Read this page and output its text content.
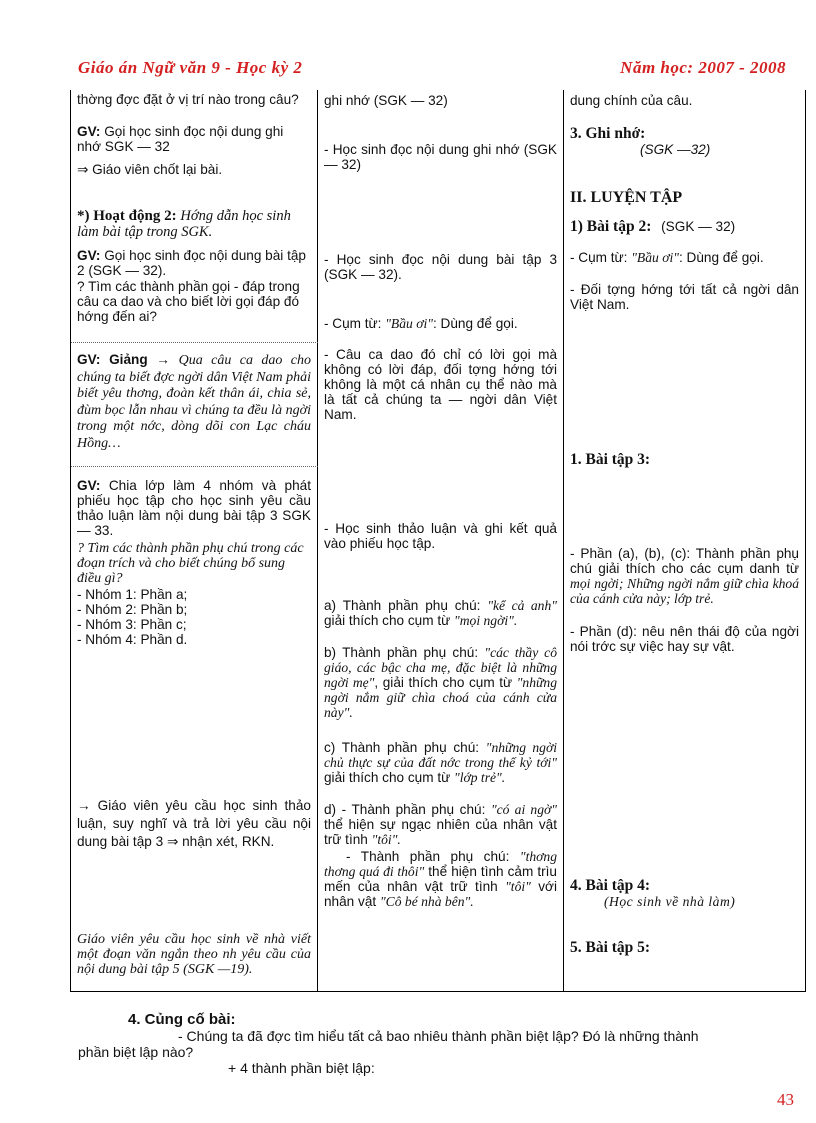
Giáo án Ngữ văn 9 - Học kỳ 2	Năm học: 2007 - 2008

thờng đợc đặt ở vị trí nào trong câu?

GV: Gọi học sinh đọc nội dung ghi nhớ SGK — 32

⇒ Giáo viên chốt lại bài.

*) Hoạt động 2: Hớng dẫn học sinh làm bài tập trong SGK.

GV: Gọi học sinh đọc nội dung bài tập 2 (SGK — 32).

? Tìm các thành phần gọi - đáp trong câu ca dao và cho biết lời gọi đáp đó hớng đến ai?

GV: Giảng → Qua câu ca dao cho chúng ta biết đợc ngời dân Việt Nam phải biết yêu thơng, đoàn kết thân ái, chia sẻ, đùm bọc lẫn nhau vì chúng ta đều là ngời trong một nớc, dòng dõi con Lạc cháu Hồng…

GV: Chia lớp làm 4 nhóm và phát phiếu học tập cho học sinh yêu cầu thảo luận làm nội dung bài tập 3 SGK — 33.

? Tìm các thành phần phụ chú trong các đoạn trích và cho biết chúng bổ sung điều gì?

- Nhóm 1: Phần a;

- Nhóm 2: Phần b;

- Nhóm 3: Phần c;

- Nhóm 4: Phần d.

→ Giáo viên yêu cầu học sinh thảo luận, suy nghĩ và trả lời yêu cầu nội dung bài tập 3 ⇒ nhận xét, RKN.

Giáo viên yêu cầu học sinh về nhà viết một đoạn văn ngắn theo nh yêu cầu của nội dung bài tập 5 (SGK —19).

ghi nhớ (SGK — 32)

- Học sinh đọc nội dung ghi nhớ (SGK — 32)

- Học sinh đọc nội dung bài tập 3 (SGK — 32).

- Cụm từ: "Bầu ơi": Dùng để gọi.

- Câu ca dao đó chỉ có lời gọi mà không có lời đáp, đối tợng hớng tới không là một cá nhân cụ thể nào mà là tất cả chúng ta — ngời dân Việt Nam.

- Học sinh thảo luận và ghi kết quả vào phiếu học tập.

a) Thành phần phụ chú: "kể cả anh" giải thích cho cụm từ "mọi ngời".

b) Thành phần phụ chú: "các thầy cô giáo, các bậc cha mẹ, đặc biệt là những ngời mẹ", giải thích cho cụm từ "những ngời nắm giữ chìa choá của cánh cửa này".

c) Thành phần phụ chú: "những ngời chủ thực sự của đất nớc trong thế kỷ tới" giải thích cho cụm từ "lớp trẻ".

d) - Thành phần phụ chú: "có ai ngờ" thể hiện sự ngạc nhiên của nhân vật trữ tình "tôi".

- Thành phần phụ chú: "thơng thơng quá đi thôi" thể hiện tình cảm trìu mến của nhân vật trữ tình "tôi" với nhân vật "Cô bé nhà bên".

dung chính của câu.

3. Ghi nhớ:

(SGK —32)

II. LUYỆN TẬP

1) Bài tập 2: (SGK — 32)

- Cụm từ: "Bầu ơi": Dùng để gọi.

- Đối tợng hớng tới tất cả ngời dân Việt Nam.

1. Bài tập 3:

- Phần (a), (b), (c): Thành phần phụ chú giải thích cho các cụm danh từ mọi ngời; Những ngời nắm giữ chìa khoá của cánh cửa này; lớp trẻ.

- Phần (d): nêu nên thái độ của ngời nói trớc sự việc hay sự vật.

4. Bài tập 4:

(Học sinh về nhà làm)

5. Bài tập 5:

4. Củng cố bài:
- Chúng ta đã đợc tìm hiểu tất cả bao nhiêu thành phần biệt lập? Đó là những thành
phần biệt lập nào?
+ 4 thành phần biệt lập:
43
